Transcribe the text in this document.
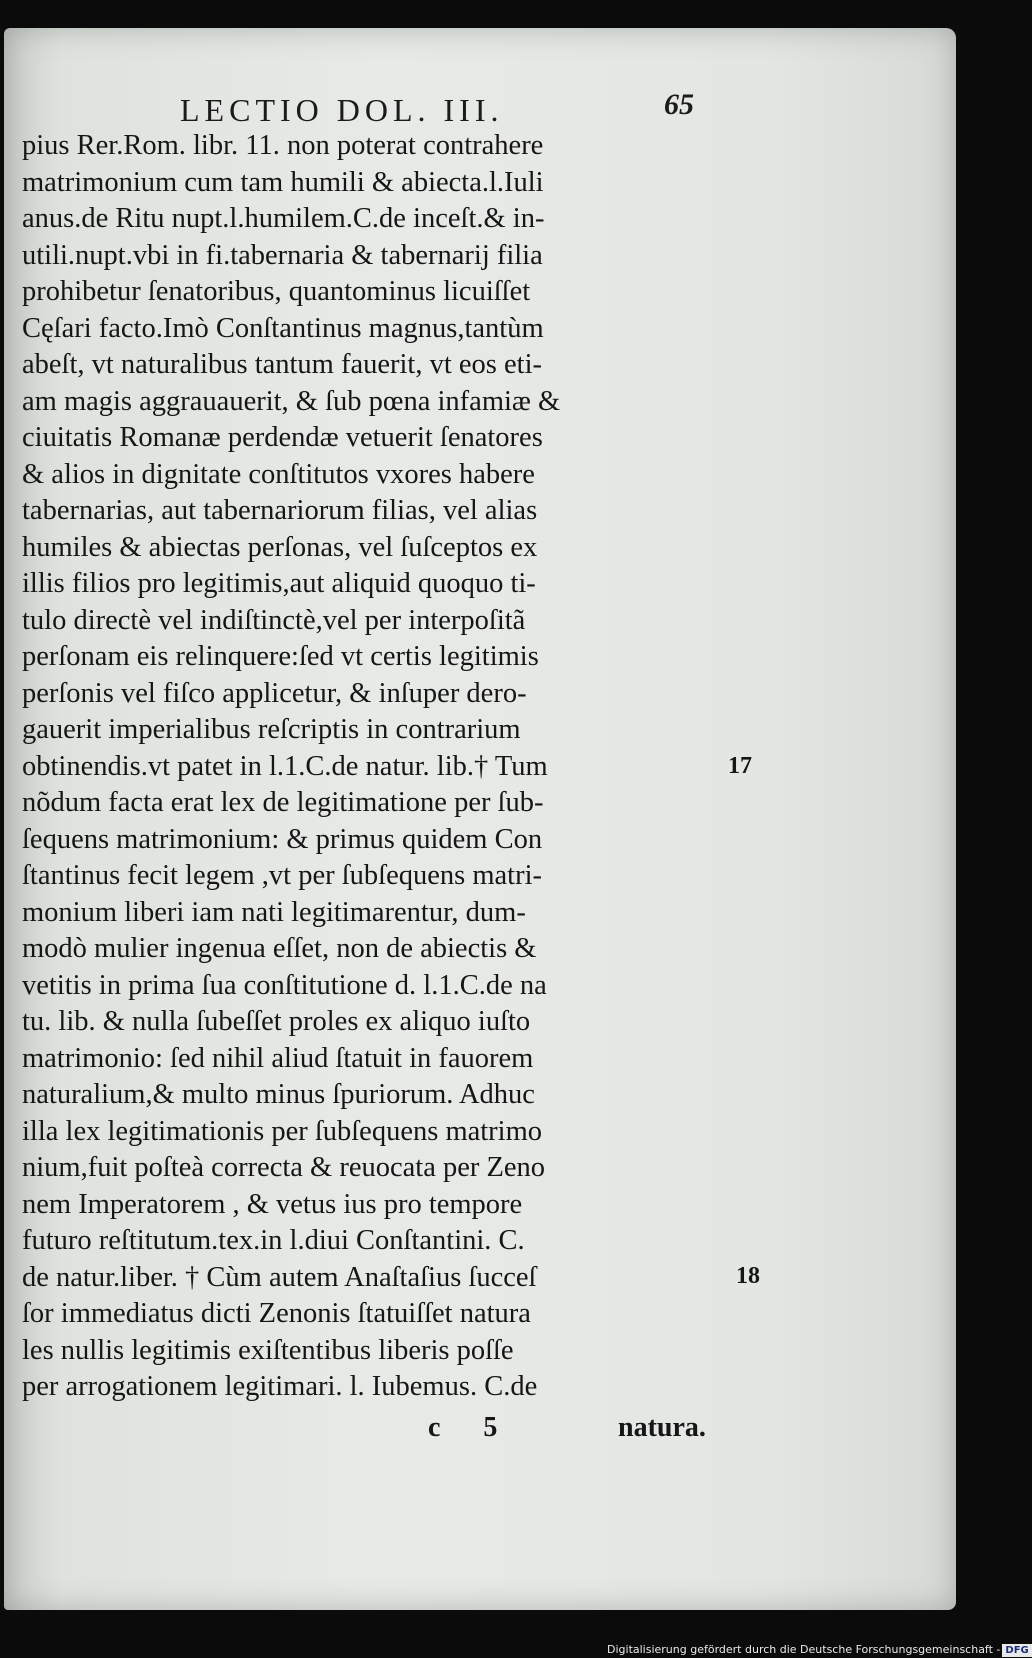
LECTIO DOL. III.	65
pius Rer.Rom. libr. 11. non poterat contrahere
matrimonium cum tam humili & abiecta.l.Iuli
anus.de Ritu nupt.l.humilem.C.de inceſt.& in-
utili.nupt.vbi in fi.tabernaria & tabernarij filia
prohibetur ſenatoribus, quantominus licuiſſet
Cęſari facto.Imò Conſtantinus magnus,tantùm
abeſt, vt naturalibus tantum fauerit, vt eos eti-
am magis aggrauauerit, & ſub pœna infamiæ &
ciuitatis Romanæ perdendæ vetuerit ſenatores
& alios in dignitate conſtitutos vxores habere
tabernarias, aut tabernariorum filias, vel alias
humiles & abiectas perſonas, vel ſuſceptos ex
illis filios pro legitimis,aut aliquid quoquo ti-
tulo directè vel indiſtinctè,vel per interpoſitã
perſonam eis relinquere:ſed vt certis legitimis
perſonis vel fiſco applicetur, & inſuper dero-
gauerit imperialibus reſcriptis in contrarium
obtinendis.vt patet in l.1.C.de natur. lib.† Tum
nõdum facta erat lex de legitimatione per ſub-
ſequens matrimonium: & primus quidem Con
ſtantinus fecit legem ,vt per ſubſequens matri-
monium liberi iam nati legitimarentur, dum-
modò mulier ingenua eſſet, non de abiectis &
vetitis in prima ſua conſtitutione d. l.1.C.de na
tu. lib. & nulla ſubeſſet proles ex aliquo iuſto
matrimonio: ſed nihil aliud ſtatuit in fauorem
naturalium,& multo minus ſpuriorum. Adhuc
illa lex legitimationis per ſubſequens matrimo
nium,fuit poſteà correcta & reuocata per Zeno
nem Imperatorem , & vetus ius pro tempore
futuro reſtitutum.tex.in l.diui Conſtantini. C.
de natur.liber. † Cùm autem Anaſtaſius ſucceſ
ſor immediatus dicti Zenonis ſtatuiſſet natura
les nullis legitimis exiſtentibus liberis poſſe
per arrogationem legitimari. l. Iubemus. C.de
17
18
c 5	natura.
Digitalisierung gefördert durch die Deutsche Forschungsgemeinschaft - DFG
